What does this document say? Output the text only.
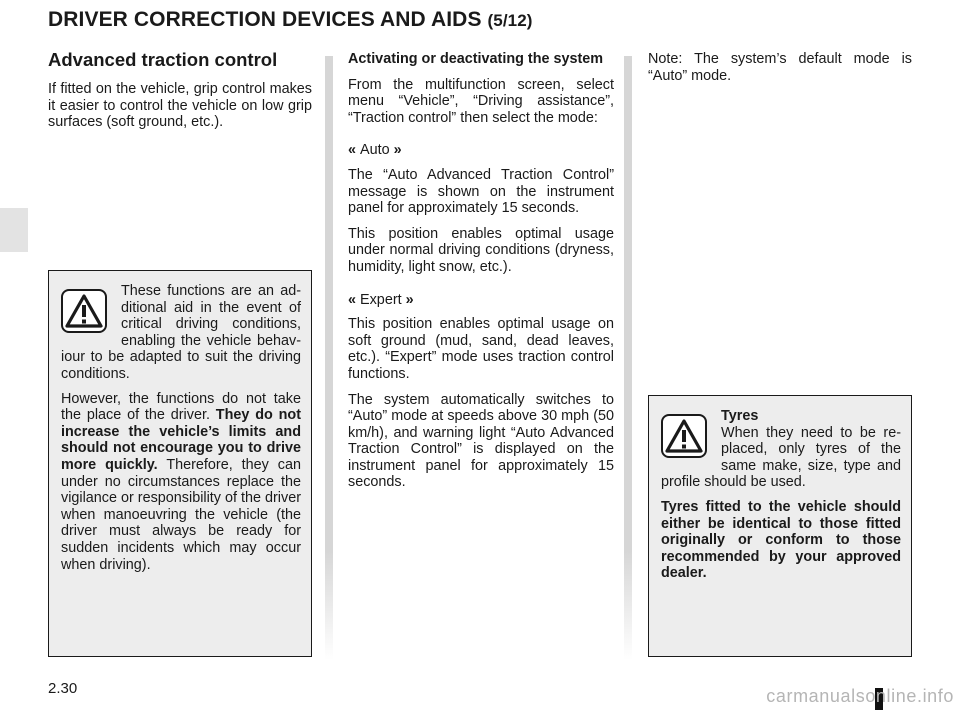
DRIVER CORRECTION DEVICES AND AIDS (5/12)
Advanced traction control

If fitted on the vehicle, grip control makes it easier to control the vehicle on low grip surfaces (soft ground, etc.).

These functions are an additional aid in the event of critical driving conditions, enabling the vehicle behaviour to be adapted to suit the driving conditions.

However, the functions do not take the place of the driver. They do not increase the vehicle’s limits and should not encourage you to drive more quickly. Therefore, they can under no circumstances replace the vigilance or responsibility of the driver when manoeuvring the vehicle (the driver must always be ready for sudden incidents which may occur when driving).

Activating or deactivating the system

From the multifunction screen, select menu “Vehicle”, “Driving assistance”, “Traction control” then select the mode:

« Auto »

The “Auto Advanced Traction Control” message is shown on the instrument panel for approximately 15 seconds.

This position enables optimal usage under normal driving conditions (dryness, humidity, light snow, etc.).

« Expert »

This position enables optimal usage on soft ground (mud, sand, dead leaves, etc.). “Expert” mode uses traction control functions.

The system automatically switches to “Auto” mode at speeds above 30 mph (50 km/h), and warning light “Auto Advanced Traction Control” is displayed on the instrument panel for approximately 15 seconds.

Note: The system’s default mode is “Auto” mode.

Tyres

When they need to be replaced, only tyres of the same make, size, type and profile should be used.

Tyres fitted to the vehicle should either be identical to those fitted originally or conform to those recommended by your approved dealer.

2.30	carmanualsonline.info
